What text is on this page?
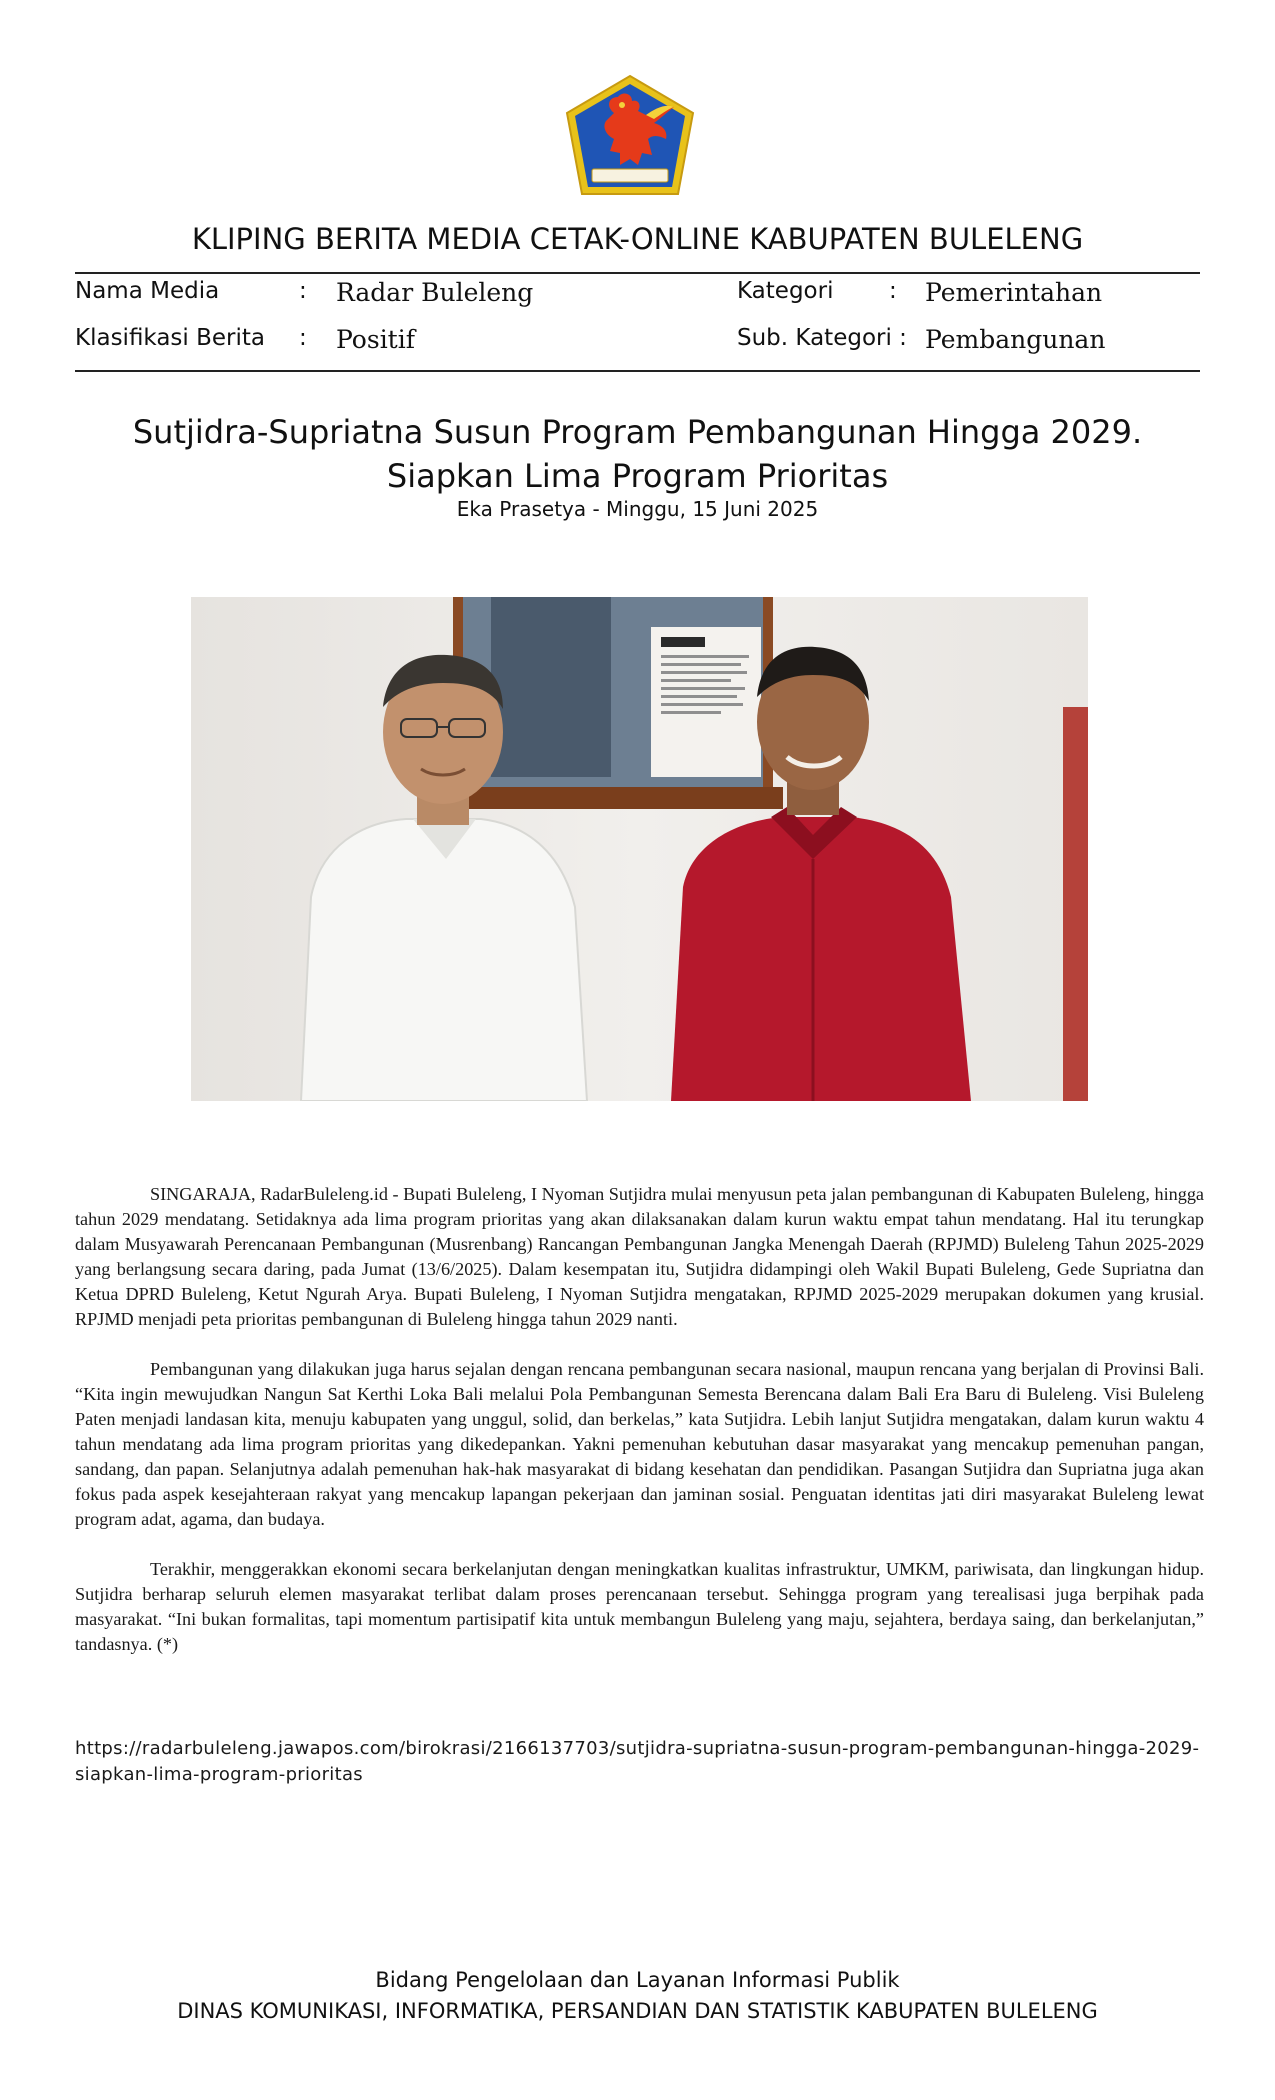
KLIPING BERITA MEDIA CETAK-ONLINE KABUPATEN BULELENG
Nama Media	: Radar Buleleng	Kategori : Pemerintahan
Klasifikasi Berita : Positif	Sub. Kategori : Pembangunan
Sutjidra-Supriatna Susun Program Pembangunan Hingga 2029.
Siapkan Lima Program Prioritas
Eka Prasetya - Minggu, 15 Juni 2025

SINGARAJA, RadarBuleleng.id - Bupati Buleleng, I Nyoman Sutjidra mulai menyusun peta jalan pembangunan di Kabupaten Buleleng, hingga tahun 2029 mendatang. Setidaknya ada lima program prioritas yang akan dilaksanakan dalam kurun waktu empat tahun mendatang. Hal itu terungkap dalam Musyawarah Perencanaan Pembangunan (Musrenbang) Rancangan Pembangunan Jangka Menengah Daerah (RPJMD) Buleleng Tahun 2025-2029 yang berlangsung secara daring, pada Jumat (13/6/2025). Dalam kesempatan itu, Sutjidra didampingi oleh Wakil Bupati Buleleng, Gede Supriatna dan Ketua DPRD Buleleng, Ketut Ngurah Arya. Bupati Buleleng, I Nyoman Sutjidra mengatakan, RPJMD 2025-2029 merupakan dokumen yang krusial. RPJMD menjadi peta prioritas pembangunan di Buleleng hingga tahun 2029 nanti.

Pembangunan yang dilakukan juga harus sejalan dengan rencana pembangunan secara nasional, maupun rencana yang berjalan di Provinsi Bali. “Kita ingin mewujudkan Nangun Sat Kerthi Loka Bali melalui Pola Pembangunan Semesta Berencana dalam Bali Era Baru di Buleleng. Visi Buleleng Paten menjadi landasan kita, menuju kabupaten yang unggul, solid, dan berkelas,” kata Sutjidra. Lebih lanjut Sutjidra mengatakan, dalam kurun waktu 4 tahun mendatang ada lima program prioritas yang dikedepankan. Yakni pemenuhan kebutuhan dasar masyarakat yang mencakup pemenuhan pangan, sandang, dan papan. Selanjutnya adalah pemenuhan hak-hak masyarakat di bidang kesehatan dan pendidikan. Pasangan Sutjidra dan Supriatna juga akan fokus pada aspek kesejahteraan rakyat yang mencakup lapangan pekerjaan dan jaminan sosial. Penguatan identitas jati diri masyarakat Buleleng lewat program adat, agama, dan budaya.

Terakhir, menggerakkan ekonomi secara berkelanjutan dengan meningkatkan kualitas infrastruktur, UMKM, pariwisata, dan lingkungan hidup. Sutjidra berharap seluruh elemen masyarakat terlibat dalam proses perencanaan tersebut. Sehingga program yang terealisasi juga berpihak pada masyarakat. “Ini bukan formalitas, tapi momentum partisipatif kita untuk membangun Buleleng yang maju, sejahtera, berdaya saing, dan berkelanjutan,” tandasnya. (*)

https://radarbuleleng.jawapos.com/birokrasi/2166137703/sutjidra-supriatna-susun-program-pembangunan-hingga-2029-siapkan-lima-program-prioritas
Bidang Pengelolaan dan Layanan Informasi Publik
DINAS KOMUNIKASI, INFORMATIKA, PERSANDIAN DAN STATISTIK KABUPATEN BULELENG
